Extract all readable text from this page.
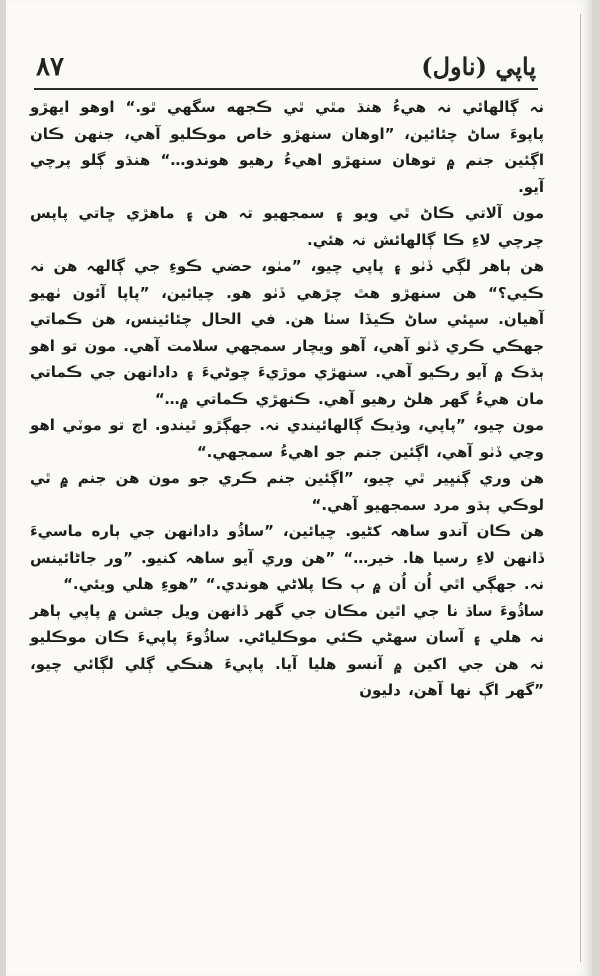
٨٧	پاپي (ناول)

نہ ڳالهائي نہ هيءُ هنڌ مٿي ٿي ڪجهه سگهي ٿو.“ اوهو ايهڙو پاپوءَ ساڻ چئائين، ”اوهان سنهڙو خاص موڪليو آهي، جنهن ڪان اڳئين جنم ۾ توهان سنهڙو اهيءُ رهيو هوندو…“ هنڌو ڳلو پرچي آيو.

مون آلاتي ڪاڻ ٿي ويو ۽ سمجهيو تہ هن ۽ ماهڙي ڇاتي پاپس چرچي لاءِ ڪا ڳالهائش نہ هئي.

هن ٻاهر لڳي ڏٺو ۽ پاپي چيو، ”مٺو، حضي ڪوءِ جي ڳالهہ هن نہ ڪيي؟“ هن سنهڙو هٿ چڙهي ڏٺو هو. چيائين، ”پاپا آئون ٺهيو آهيان. سڀئي ساڻ ڪيڏا سٺا هن. في الحال چئائينس، هن ڪماتي جهڪي ڪري ڏٺو آهي، آهو ويچار سمجهي سلامت آهي. مون تو اهو ٻڌڪ ۾ آيو رڪيو آهي. سنهڙي موڙيءَ چوڻيءَ ۽ دادانهن جي ڪماتي مان هيءُ گهر هلڻ رهيو آهي. ڪنهڙي ڪماتي ۾…“

مون چيو، ”پاپي، وڌيڪ ڳالهائيندي نہ. جهڳڙو ٿيندو. اڄ تو موٽي اهو وڃي ڏٺو آهي، اڳئين جنم جو اهيءُ سمجهي.“

هن وري ڳنڀير ٿي چيو، ”اڳئين جنم ڪري جو مون هن جنم ۾ ٿي لوڪي ٻڌو مرد سمجهيو آهي.“

هن ڪان آندو ساهہ کڻيو. چيائين، ”ساڌُو دادانهن جي ٻاره ماسيءَ ڏانهن لاءِ رسيا ها. خير…“ ”هن وري آيو ساهہ کنيو. ”ور جاڻائينس نہ. جهڳي اٿي اُن اُن ۾ ٻ ڪا پلاڻي هوندي.“ ”هوءِ هلي ويئي.“

ساڌُوءَ ساڌ نا جي اٿين مڪان جي گهر ڏانهن ويل جشن ۾ پاپي ٻاهر نہ هلي ۽ آسان سهڻي ڪئي موڪلياڻي. ساڌُوءَ پاپيءَ ڪان موڪليو نہ هن جي اکين ۾ آنسو هليا آيا. پاپيءَ هنڪي ڳلي لڳائي چيو، ”گهر اڳ نها آهن، دليون
